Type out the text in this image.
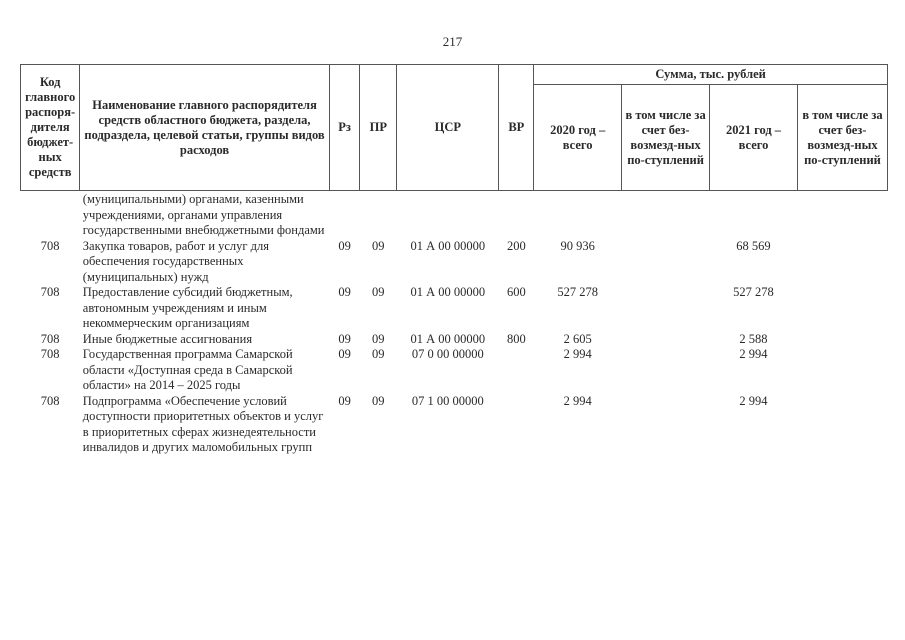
217
Код главного распоря-дителя бюджет-ных средств	Наименование главного распорядителя средств областного бюджета, раздела, подраздела, целевой статьи, группы видов расходов	Рз	ПР	ЦСР	ВР	Сумма, тыс. рублей			
						2020 год – всего	в том числе за счет без-возмезд-ных по-ступлений	2021 год – всего	в том числе за счет без-возмезд-ных по-ступлений
	(муниципальными) органами, казенными учреждениями, органами управления государственными внебюджетными фондами								
708	Закупка товаров, работ и услуг для обеспечения государственных (муниципальных) нужд	09	09	01 А 00 00000	200	90 936		68 569	
708	Предоставление субсидий бюджетным, автономным учреждениям и иным некоммерческим организациям	09	09	01 А 00 00000	600	527 278		527 278	
708	Иные бюджетные ассигнования	09	09	01 А 00 00000	800	2 605		2 588	
708	Государственная программа Самарской области «Доступная среда в Самарской области» на 2014 – 2025 годы	09	09	07 0 00 00000		2 994		2 994	
708	Подпрограмма «Обеспечение условий доступности приоритетных объектов и услуг в приоритетных сферах жизнедеятельности инвалидов и других маломобильных групп	09	09	07 1 00 00000		2 994		2 994	
